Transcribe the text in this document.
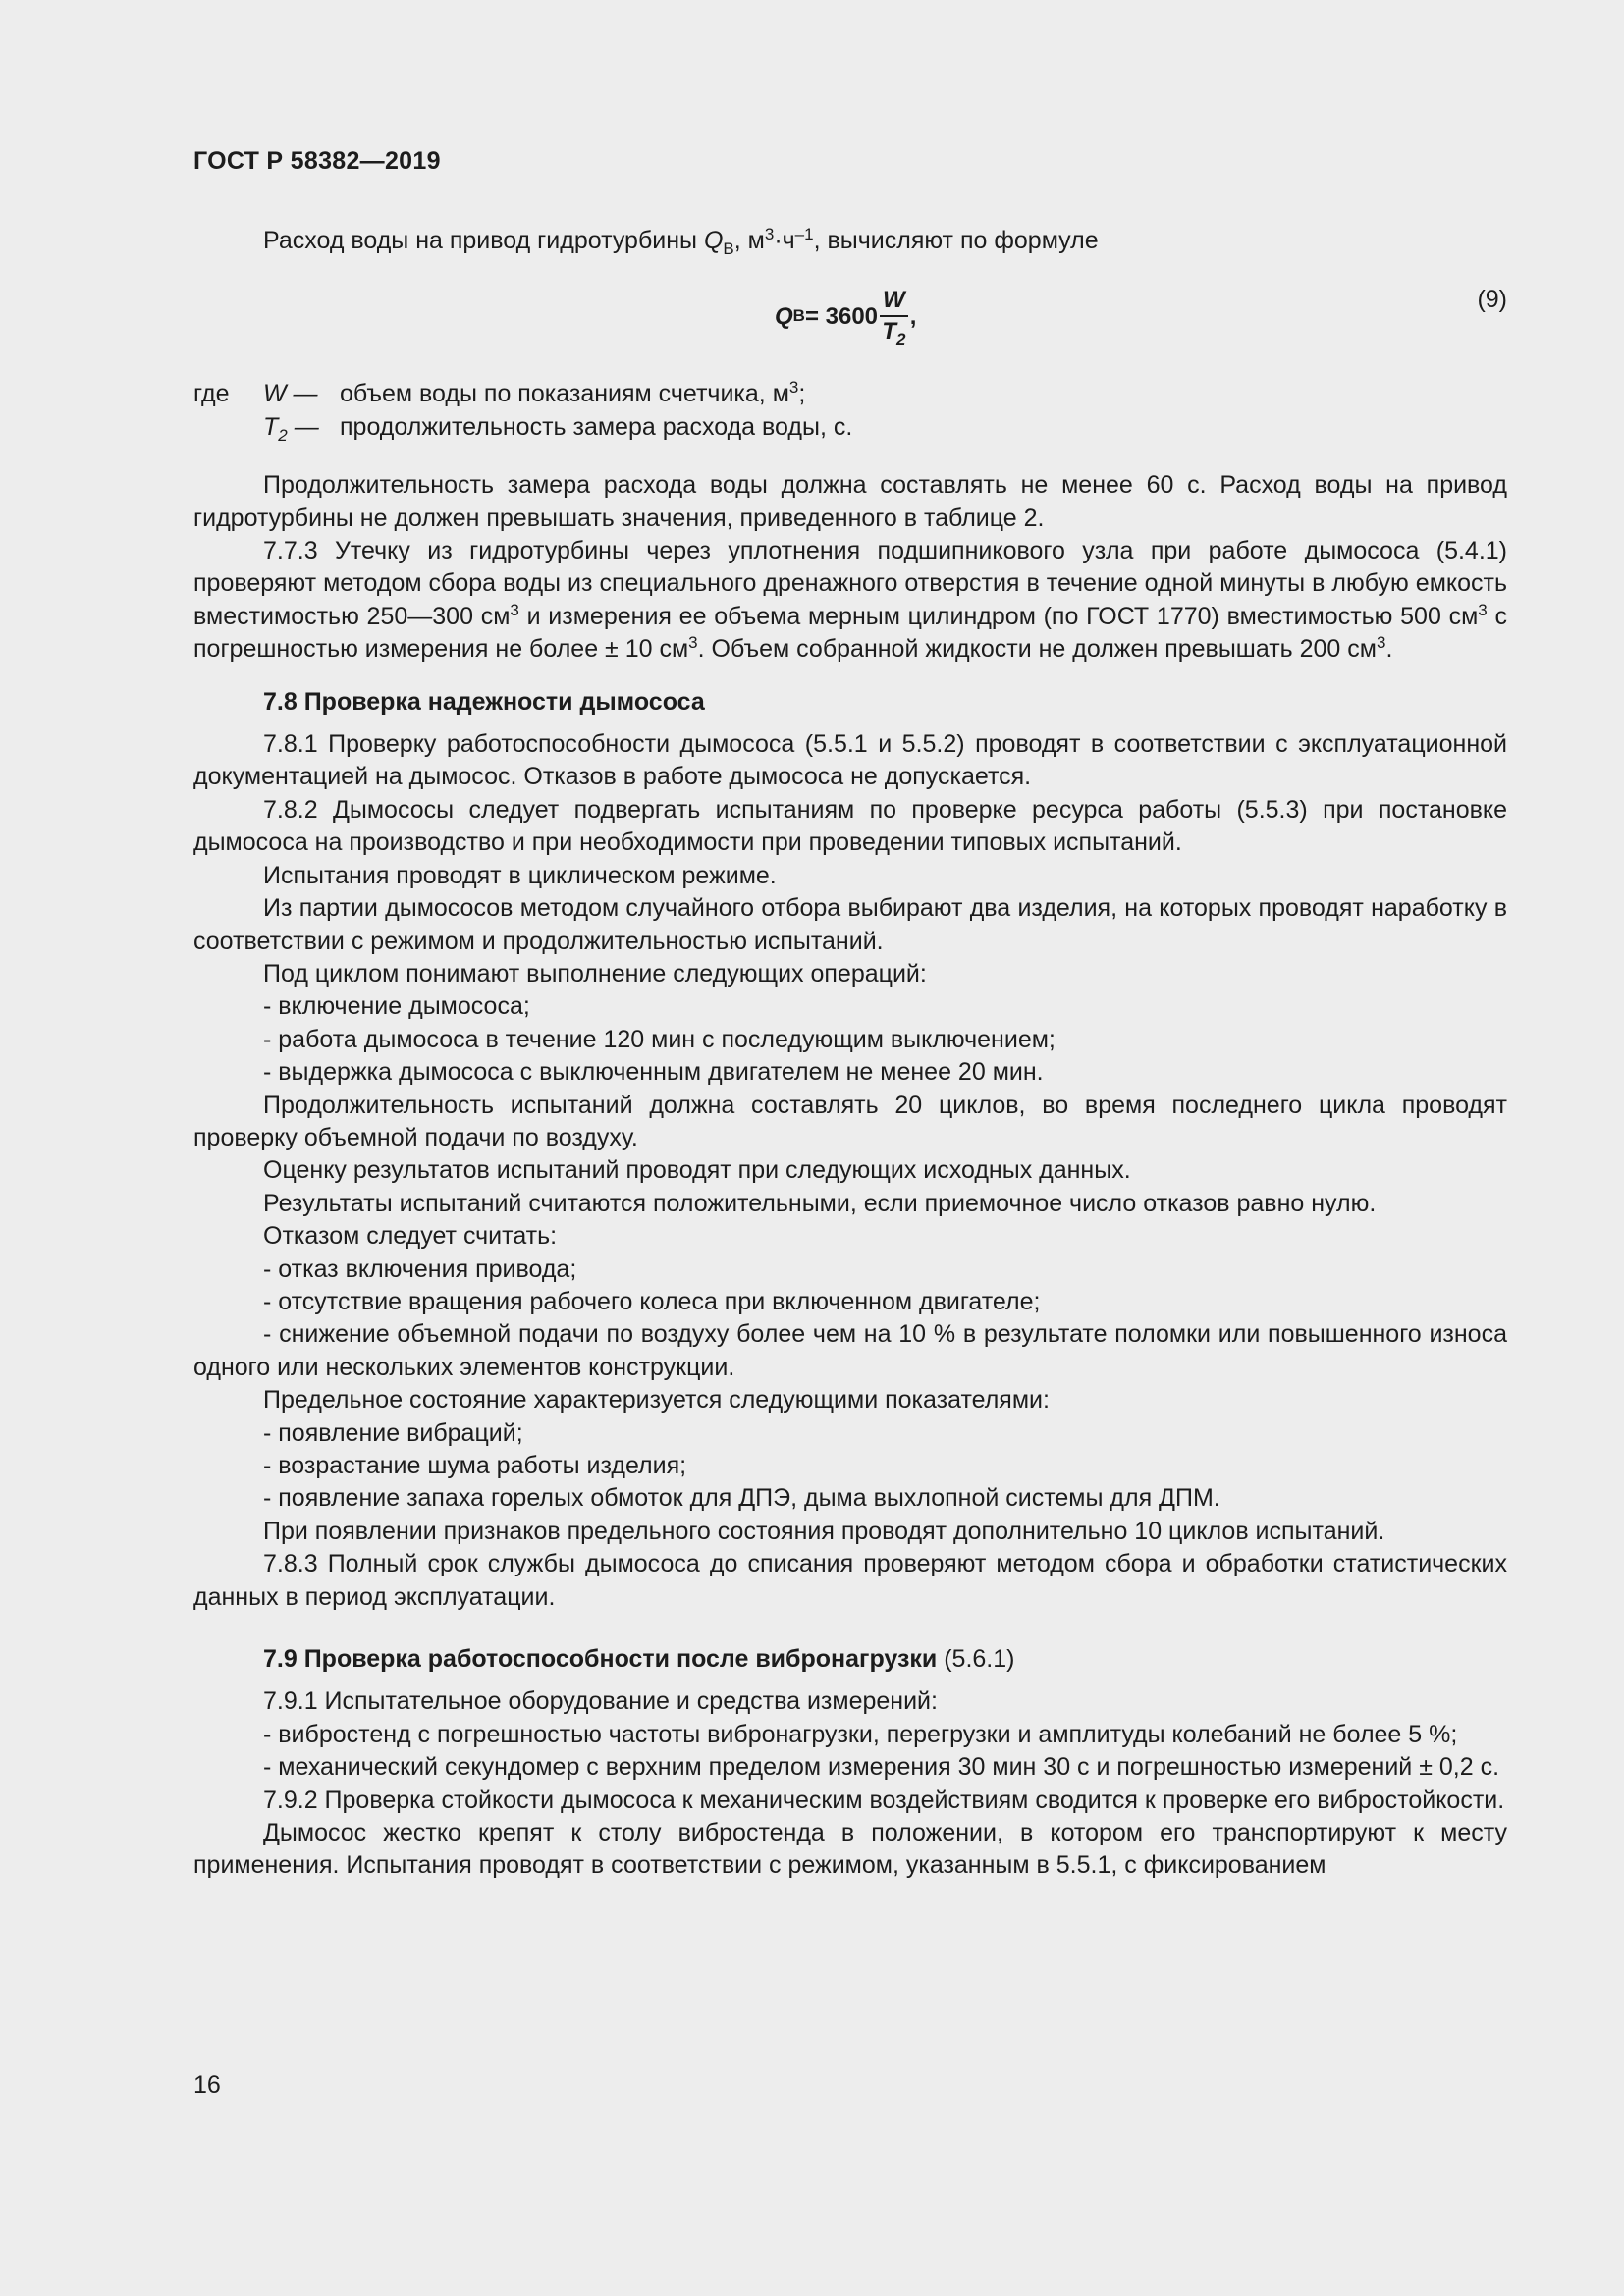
ГОСТ Р 58382—2019

Расход воды на привод гидротурбины $Q_В$, $м^3\cdot ч^{-1}$, вычисляют по формуле

Q $В = 3600 \frac{W}{T_2}$ ,
(9)
где	W — объем воды по показаниям счетчика, $м^3$;
$T_2$ — продолжительность замера расхода воды, с.

Продолжительность замера расхода воды должна составлять не менее 60 с. Расход воды на привод гидротурбины не должен превышать значения, приведенного в таблице 2.

7.7.3 Утечку из гидротурбины через уплотнения подшипникового узла при работе дымососа (5.4.1) проверяют методом сбора воды из специального дренажного отверстия в течение одной минуты в любую емкость вместимостью 250—300 $см^3$ и измерения ее объема мерным цилиндром (по ГОСТ 1770) вместимостью 500 $см^3$ с погрешностью измерения не более ± 10 $см^3$. Объем собранной жидкости не должен превышать 200 $см^3$.

7.8 Проверка надежности дымососа

7.8.1 Проверку работоспособности дымососа (5.5.1 и 5.5.2) проводят в соответствии с эксплуатационной документацией на дымосос. Отказов в работе дымососа не допускается.

7.8.2 Дымососы следует подвергать испытаниям по проверке ресурса работы (5.5.3) при постановке дымососа на производство и при необходимости при проведении типовых испытаний.

Испытания проводят в циклическом режиме.

Из партии дымососов методом случайного отбора выбирают два изделия, на которых проводят наработку в соответствии с режимом и продолжительностью испытаний.

Под циклом понимают выполнение следующих операций:

- включение дымососа;

- работа дымососа в течение 120 мин с последующим выключением;

- выдержка дымососа с выключенным двигателем не менее 20 мин.

Продолжительность испытаний должна составлять 20 циклов, во время последнего цикла проводят проверку объемной подачи по воздуху.

Оценку результатов испытаний проводят при следующих исходных данных.

Результаты испытаний считаются положительными, если приемочное число отказов равно нулю.

Отказом следует считать:

- отказ включения привода;

- отсутствие вращения рабочего колеса при включенном двигателе;

- снижение объемной подачи по воздуху более чем на 10 % в результате поломки или повышенного износа одного или нескольких элементов конструкции.

Предельное состояние характеризуется следующими показателями:

- появление вибраций;

- возрастание шума работы изделия;

- появление запаха горелых обмоток для ДПЭ, дыма выхлопной системы для ДПМ.

При появлении признаков предельного состояния проводят дополнительно 10 циклов испытаний.

7.8.3 Полный срок службы дымососа до списания проверяют методом сбора и обработки статистических данных в период эксплуатации.

7.9 Проверка работоспособности после вибронагрузки (5.6.1)

7.9.1 Испытательное оборудование и средства измерений:

- вибростенд с погрешностью частоты вибронагрузки, перегрузки и амплитуды колебаний не более 5 %;

- механический секундомер с верхним пределом измерения 30 мин 30 с и погрешностью измерений ± 0,2 с.

7.9.2 Проверка стойкости дымососа к механическим воздействиям сводится к проверке его вибростойкости.

Дымосос жестко крепят к столу вибростенда в положении, в котором его транспортируют к месту применения. Испытания проводят в соответствии с режимом, указанным в 5.5.1, с фиксированием

16
